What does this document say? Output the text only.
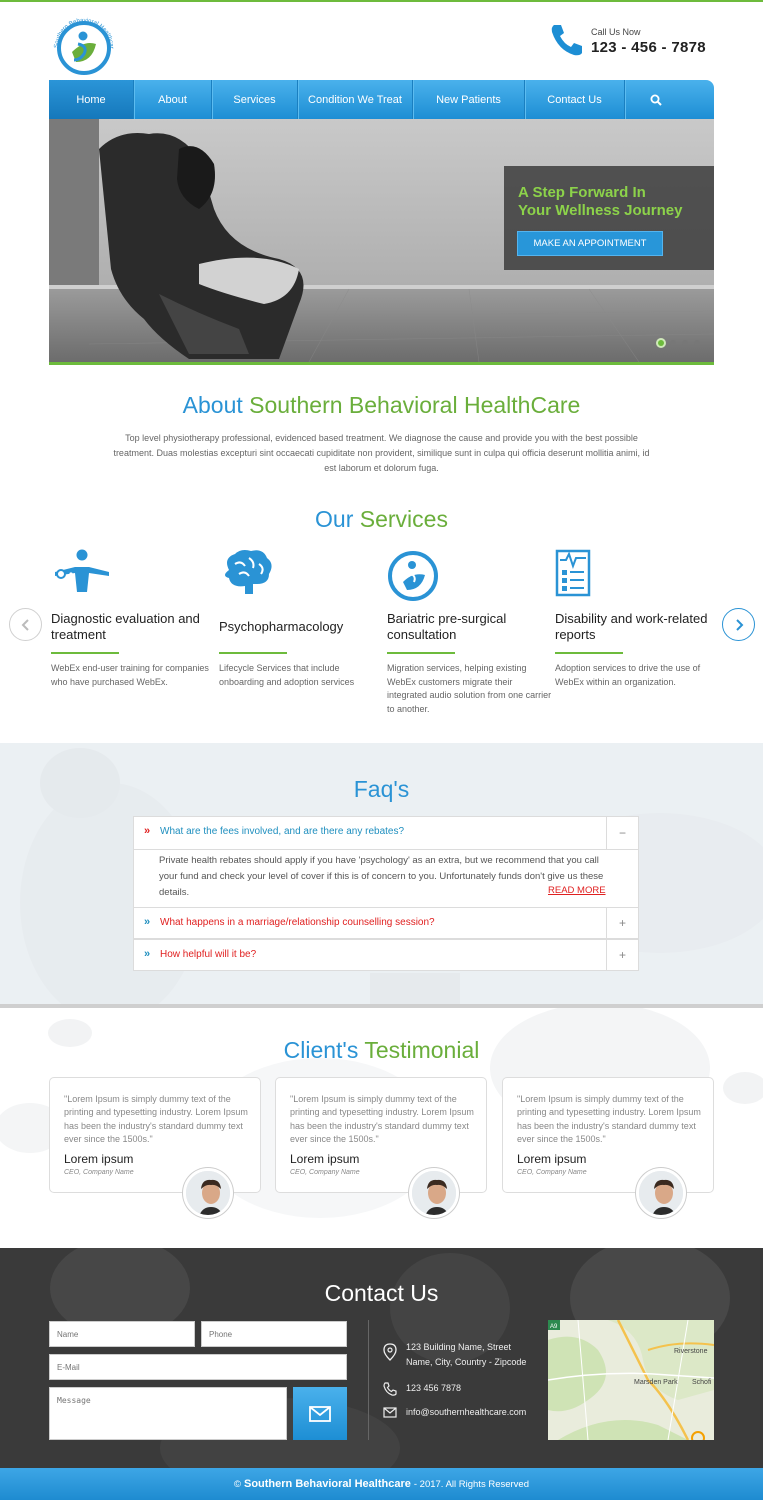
Southern Behavioral Healthcar
Call Us Now
123 - 456 - 7878
Home	About	Services	Condition We Treat	New Patients	Contact Us
A Step Forward In
Your Wellness Journey
MAKE AN APPOINTMENT
About Southern Behavioral HealthCare
Top level physiotherapy professional, evidenced based treatment. We diagnose the cause and provide you with the best possible treatment. Duas molestias excepturi sint occaecati cupiditate non provident, similique sunt in culpa qui officia deserunt mollitia animi, id est laborum et dolorum fuga.
Our Services
Diagnostic evaluation and treatment
WebEx end-user training for companies who have purchased WebEx.
Psychopharmacology
Lifecycle Services that include onboarding and adoption services
Bariatric pre-surgical consultation
Migration services, helping existing WebEx customers migrate their integrated audio solution from one carrier to another.
Disability and work-related reports
Adoption services to drive the use of WebEx within an organization.
Faq's
» What are the fees involved, and are there any rebates?	−
Private health rebates should apply if you have 'psychology' as an extra, but we recommend that you call your fund and check your level of cover if this is of concern to you. Unfortunately funds don't give us these details.	READ MORE
» What happens in a marriage/relationship counselling session?	+
» How helpful will it be?	+
Client's Testimonial
"Lorem Ipsum is simply dummy text of the printing and typesetting industry. Lorem Ipsum has been the industry's standard dummy text ever since the 1500s."
Lorem ipsum
CEO, Company Name
"Lorem Ipsum is simply dummy text of the printing and typesetting industry. Lorem Ipsum has been the industry's standard dummy text ever since the 1500s."
Lorem ipsum
CEO, Company Name
"Lorem Ipsum is simply dummy text of the printing and typesetting industry. Lorem Ipsum has been the industry's standard dummy text ever since the 1500s."
Lorem ipsum
CEO, Company Name
Contact Us
Name
Phone
E-Mail
Message
123 Building Name, Street
Name, City, Country - Zipcode
123 456 7878
info@southernhealthcare.com
A9
Riverstone
Marsden Park Schofi
© Southern Behavioral Healthcare - 2017. All Rights Reserved
